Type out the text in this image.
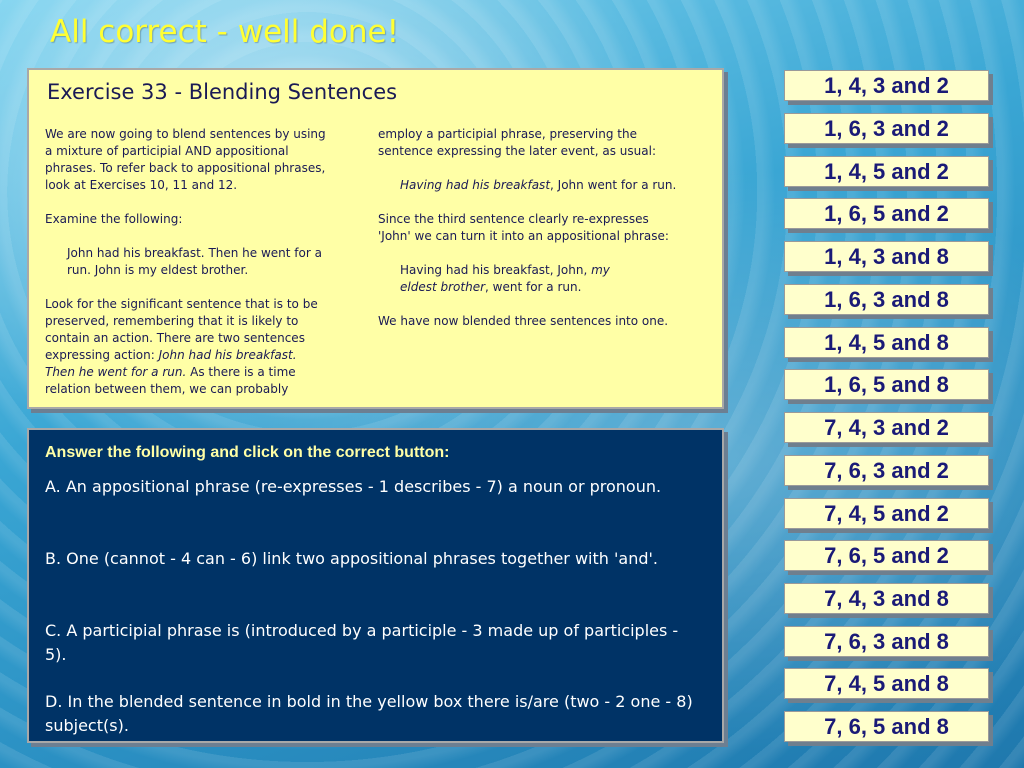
All correct - well done!
Exercise 33 - Blending Sentences

We are now going to blend sentences by using

a mixture of participial AND appositional

phrases. To refer back to appositional phrases,

look at Exercises 10, 11 and 12.

Examine the following:

John had his breakfast. Then he went for a

run. John is my eldest brother.

Look for the significant sentence that is to be

preserved, remembering that it is likely to

contain an action. There are two sentences

expressing action: John had his breakfast.

Then he went for a run. As there is a time

relation between them, we can probably

employ a participial phrase, preserving the

sentence expressing the later event, as usual:

Having had his breakfast, John went for a run.

Since the third sentence clearly re-expresses

'John' we can turn it into an appositional phrase:

Having had his breakfast, John, my

eldest brother, went for a run.

We have now blended three sentences into one.

Answer the following and click on the correct button:
A. An appositional phrase (re-expresses - 1 describes - 7) a noun or pronoun.
B. One (cannot - 4 can - 6) link two appositional phrases together with 'and'.
C. A participial phrase is (introduced by a participle - 3 made up of participles - 5).
D. In the blended sentence in bold in the yellow box there is/are (two - 2 one - 8) subject(s).
1, 4, 3 and 2
1, 6, 3 and 2
1, 4, 5 and 2
1, 6, 5 and 2
1, 4, 3 and 8
1, 6, 3 and 8
1, 4, 5 and 8
1, 6, 5 and 8
7, 4, 3 and 2
7, 6, 3 and 2
7, 4, 5 and 2
7, 6, 5 and 2
7, 4, 3 and 8
7, 6, 3 and 8
7, 4, 5 and 8
7, 6, 5 and 8
